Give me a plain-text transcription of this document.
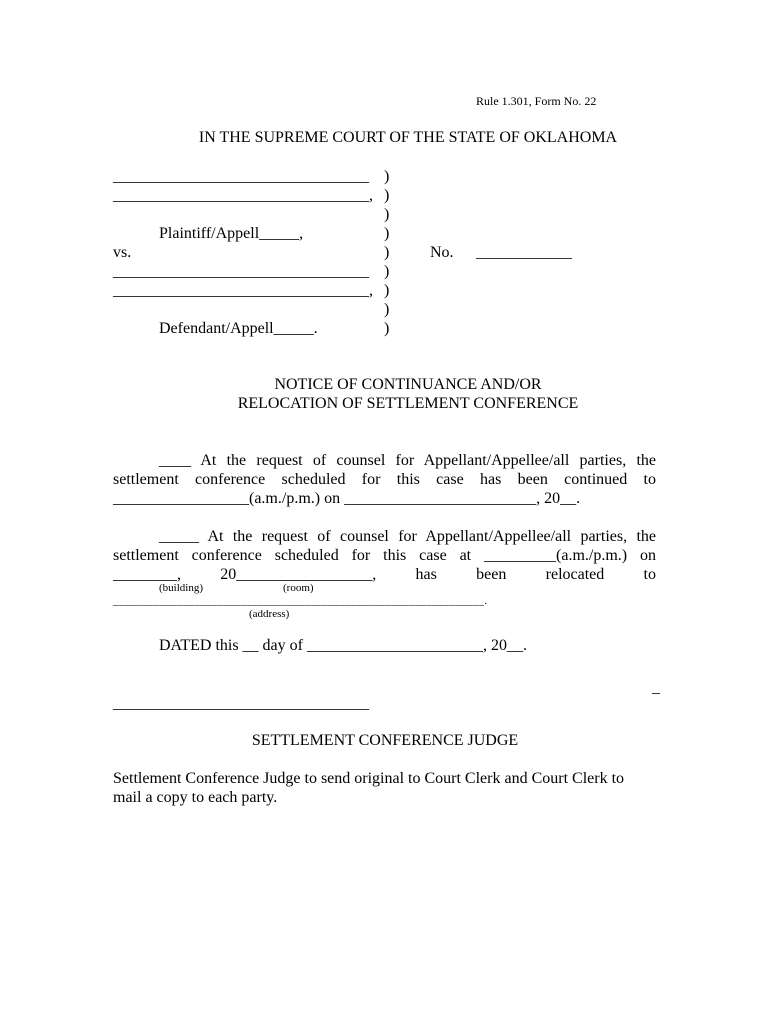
Rule 1.301, Form No. 22
IN THE SUPREME COURT OF THE STATE OF OKLAHOMA
________________________________
________________________________,
Plaintiff/Appell_____,
vs.
________________________________
________________________________,
Defendant/Appell_____.
)
)
)
)
)
)
)
)
)
No. ____________
NOTICE OF CONTINUANCE AND/OR
RELOCATION OF SETTLEMENT CONFERENCE
____ At the request of counsel for Appellant/Appellee/all parties, the
settlement conference scheduled for this case has been continued to
_________________(a.m./p.m.) on ________________________, 20__.
_____ At the request of counsel for Appellant/Appellee/all parties, the
settlement conference scheduled for this case at _________(a.m./p.m.) on
________, 20_________________, has been relocated to
(building)	(room)
________________________________________________________________.
(address)
DATED this __ day of ______________________, 20__.
_
________________________________
SETTLEMENT CONFERENCE JUDGE
Settlement Conference Judge to send original to Court Clerk and Court Clerk to
mail a copy to each party.
